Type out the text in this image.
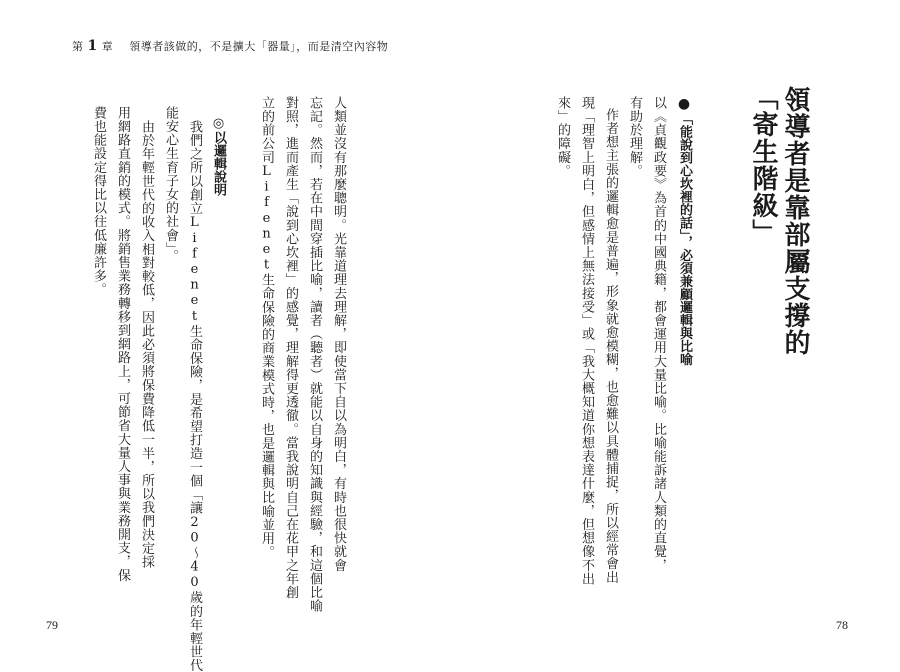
第 1 章 領導者該做的，不是擴大「器量」，而是清空內容物
領導者是靠部屬支撐的
「寄生階級」
●「能說到心坎裡的話」，必須兼顧邏輯與比喻
以《貞觀政要》為首的中國典籍，都會運用大量比喻。比喻能訴諸人類的直覺，
有助於理解。
作者想主張的邏輯愈是普遍，形象就愈模糊，也愈難以具體捕捉，所以經常會出
現「理智上明白，但感情上無法接受」或「我大概知道你想表達什麼，但想像不出
來」的障礙。
人類並沒有那麼聰明。光靠道理去理解，即使當下自以為明白，有時也很快就會
忘記。然而，若在中間穿插比喻，讀者（聽者）就能以自身的知識與經驗，和這個比喻
對照，進而產生「說到心坎裡」的感覺，理解得更透徹。當我說明自己在花甲之年創
立的前公司Lifenet生命保險的商業模式時，也是邏輯與比喻並用。
◎以邏輯說明
我們之所以創立Lifenet生命保險，是希望打造一個「讓20～40歲的年輕世代
能安心生育子女的社會」。
由於年輕世代的收入相對較低，因此必須將保費降低一半，所以我們決定採
用網路直銷的模式。將銷售業務轉移到網路上，可節省大量人事與業務開支，保
費也能設定得比以往低廉許多。
79	78
